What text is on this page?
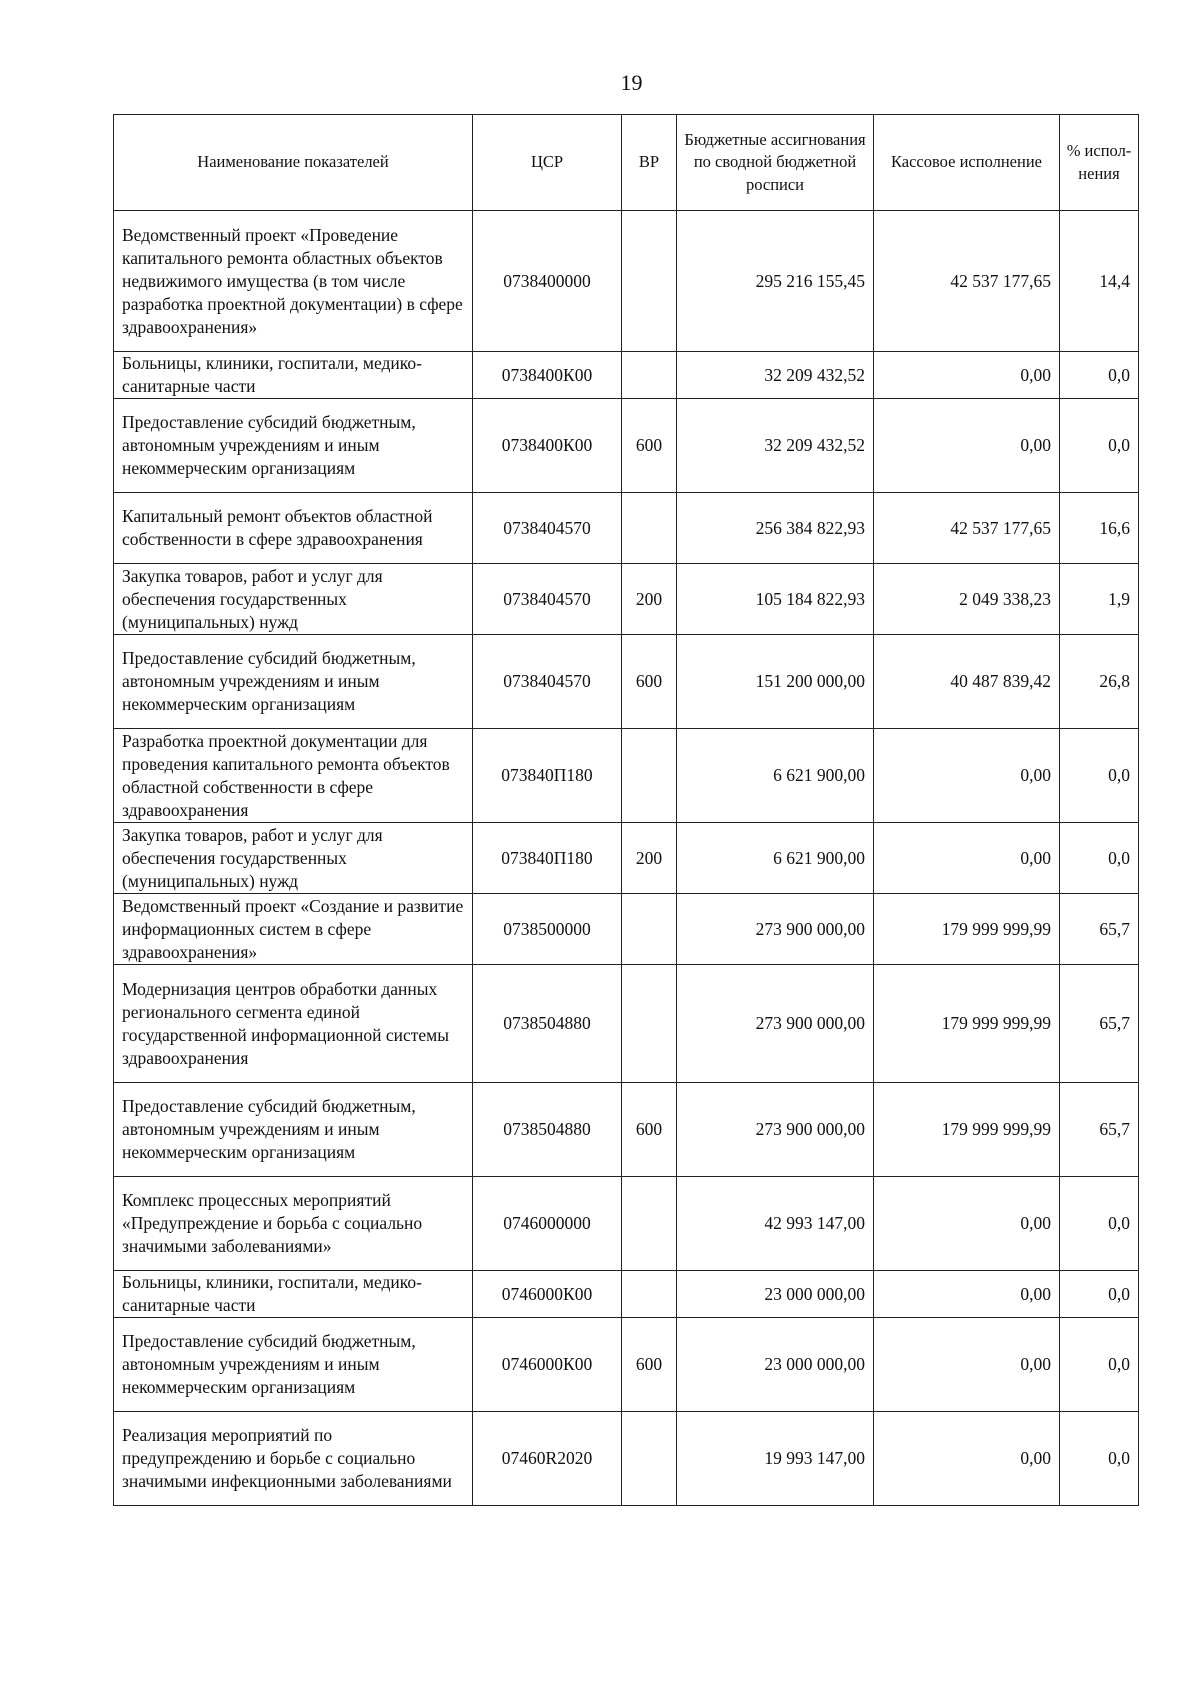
19
Наименование показателей	ЦСР	ВР	Бюджетные ассигнования по сводной бюджетной росписи	Кассовое исполнение	% испол-нения
Ведомственный проект «Проведение капитального ремонта областных объектов недвижимого имущества (в том числе разработка проектной документации) в сфере здравоохранения»	0738400000		295 216 155,45	42 537 177,65	14,4
Больницы, клиники, госпитали, медико-санитарные части	0738400К00		32 209 432,52	0,00	0,0
Предоставление субсидий бюджетным, автономным учреждениям и иным некоммерческим организациям	0738400К00	600	32 209 432,52	0,00	0,0
Капитальный ремонт объектов областной собственности в сфере здравоохранения	0738404570		256 384 822,93	42 537 177,65	16,6
Закупка товаров, работ и услуг для обеспечения государственных (муниципальных) нужд	0738404570	200	105 184 822,93	2 049 338,23	1,9
Предоставление субсидий бюджетным, автономным учреждениям и иным некоммерческим организациям	0738404570	600	151 200 000,00	40 487 839,42	26,8
Разработка проектной документации для проведения капитального ремонта объектов областной собственности в сфере здравоохранения	073840П180		6 621 900,00	0,00	0,0
Закупка товаров, работ и услуг для обеспечения государственных (муниципальных) нужд	073840П180	200	6 621 900,00	0,00	0,0
Ведомственный проект «Создание и развитие информационных систем в сфере здравоохранения»	0738500000		273 900 000,00	179 999 999,99	65,7
Модернизация центров обработки данных регионального сегмента единой государственной информационной системы здравоохранения	0738504880		273 900 000,00	179 999 999,99	65,7
Предоставление субсидий бюджетным, автономным учреждениям и иным некоммерческим организациям	0738504880	600	273 900 000,00	179 999 999,99	65,7
Комплекс процессных мероприятий «Предупреждение и борьба с социально значимыми заболеваниями»	0746000000		42 993 147,00	0,00	0,0
Больницы, клиники, госпитали, медико-санитарные части	0746000К00		23 000 000,00	0,00	0,0
Предоставление субсидий бюджетным, автономным учреждениям и иным некоммерческим организациям	0746000К00	600	23 000 000,00	0,00	0,0
Реализация мероприятий по предупреждению и борьбе с социально значимыми инфекционными заболеваниями	07460R2020		19 993 147,00	0,00	0,0
